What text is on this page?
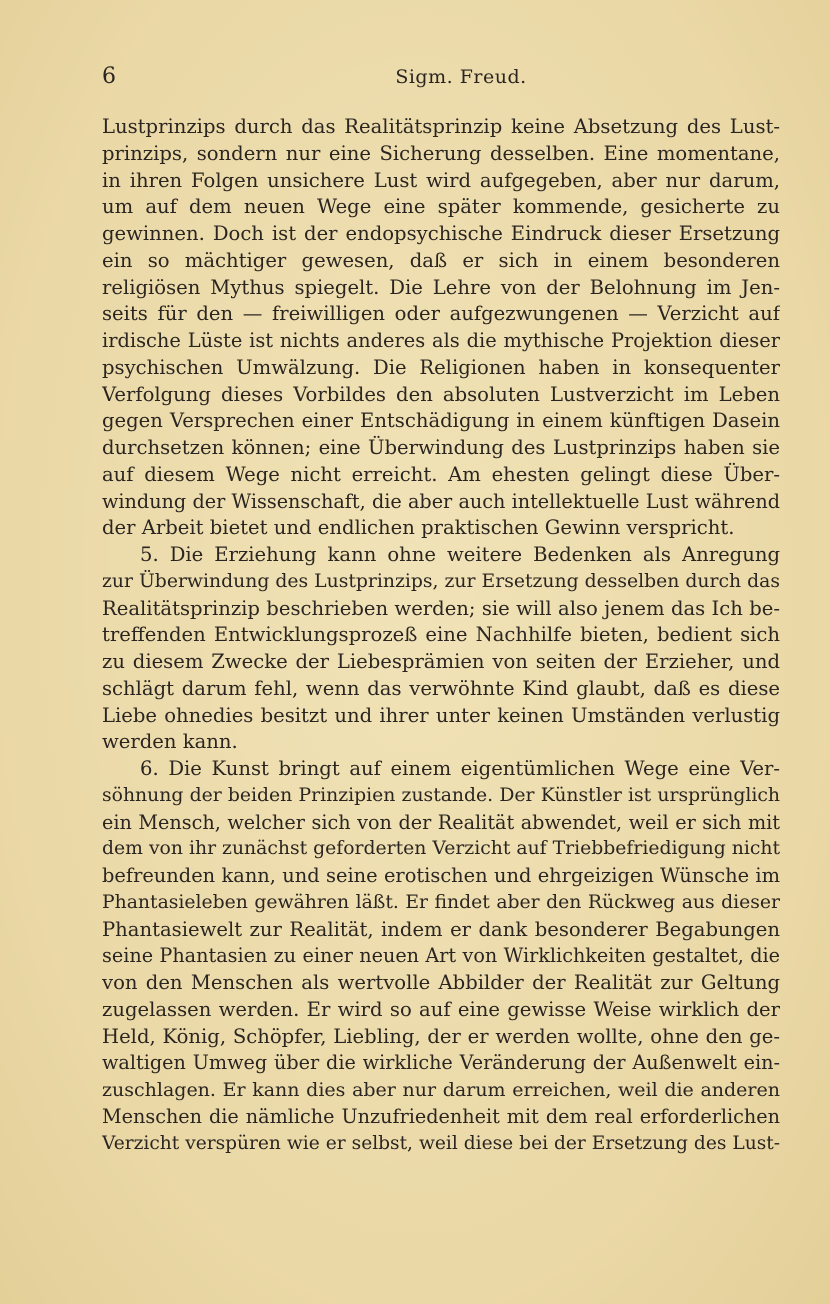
6	Sigm. Freud.
Lustprinzips durch das Realitätsprinzip keine Absetzung des Lust-
prinzips, sondern nur eine Sicherung desselben. Eine momentane,
in ihren Folgen unsichere Lust wird aufgegeben, aber nur darum,
um auf dem neuen Wege eine später kommende, gesicherte zu
gewinnen. Doch ist der endopsychische Eindruck dieser Ersetzung
ein so mächtiger gewesen, daß er sich in einem besonderen
religiösen Mythus spiegelt. Die Lehre von der Belohnung im Jen-
seits für den — freiwilligen oder aufgezwungenen — Verzicht auf
irdische Lüste ist nichts anderes als die mythische Projektion dieser
psychischen Umwälzung. Die Religionen haben in konsequenter
Verfolgung dieses Vorbildes den absoluten Lustverzicht im Leben
gegen Versprechen einer Entschädigung in einem künftigen Dasein
durchsetzen können; eine Überwindung des Lustprinzips haben sie
auf diesem Wege nicht erreicht. Am ehesten gelingt diese Über-
windung der Wissenschaft, die aber auch intellektuelle Lust während
der Arbeit bietet und endlichen praktischen Gewinn verspricht.
5. Die Erziehung kann ohne weitere Bedenken als Anregung
zur Überwindung des Lustprinzips, zur Ersetzung desselben durch das
Realitätsprinzip beschrieben werden; sie will also jenem das Ich be-
treffenden Entwicklungsprozeß eine Nachhilfe bieten, bedient sich
zu diesem Zwecke der Liebesprämien von seiten der Erzieher, und
schlägt darum fehl, wenn das verwöhnte Kind glaubt, daß es diese
Liebe ohnedies besitzt und ihrer unter keinen Umständen verlustig
werden kann.
6. Die Kunst bringt auf einem eigentümlichen Wege eine Ver-
söhnung der beiden Prinzipien zustande. Der Künstler ist ursprünglich
ein Mensch, welcher sich von der Realität abwendet, weil er sich mit
dem von ihr zunächst geforderten Verzicht auf Triebbefriedigung nicht
befreunden kann, und seine erotischen und ehrgeizigen Wünsche im
Phantasieleben gewähren läßt. Er findet aber den Rückweg aus dieser
Phantasiewelt zur Realität, indem er dank besonderer Begabungen
seine Phantasien zu einer neuen Art von Wirklichkeiten gestaltet, die
von den Menschen als wertvolle Abbilder der Realität zur Geltung
zugelassen werden. Er wird so auf eine gewisse Weise wirklich der
Held, König, Schöpfer, Liebling, der er werden wollte, ohne den ge-
waltigen Umweg über die wirkliche Veränderung der Außenwelt ein-
zuschlagen. Er kann dies aber nur darum erreichen, weil die anderen
Menschen die nämliche Unzufriedenheit mit dem real erforderlichen
Verzicht verspüren wie er selbst, weil diese bei der Ersetzung des Lust-
